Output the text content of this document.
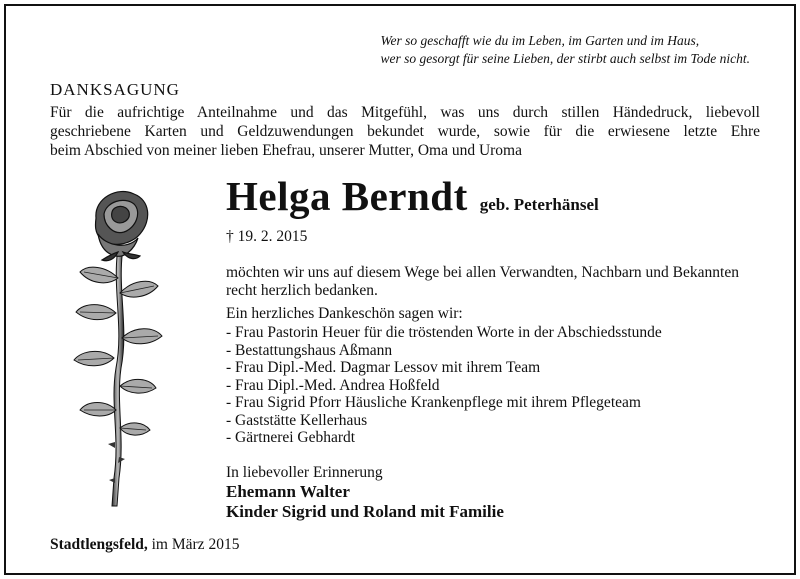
Wer so geschafft wie du im Leben, im Garten und im Haus,
wer so gesorgt für seine Lieben, der stirbt auch selbst im Tode nicht.
DANKSAGUNG
Für die aufrichtige Anteilnahme und das Mitgefühl, was uns durch stillen Händedruck, liebevoll
geschriebene Karten und Geldzuwendungen bekundet wurde, sowie für die erwiesene letzte Ehre
beim Abschied von meiner lieben Ehefrau, unserer Mutter, Oma und Uroma
Helga Berndt geb. Peterhänsel
† 19. 2. 2015
möchten wir uns auf diesem Wege bei allen Verwandten, Nachbarn und Bekannten
recht herzlich bedanken.
Ein herzliches Dankeschön sagen wir:
- Frau Pastorin Heuer für die tröstenden Worte in der Abschiedsstunde
- Bestattungshaus Aßmann
- Frau Dipl.-Med. Dagmar Lessov mit ihrem Team
- Frau Dipl.-Med. Andrea Hoßfeld
- Frau Sigrid Pforr Häusliche Krankenpflege mit ihrem Pflegeteam
- Gaststätte Kellerhaus
- Gärtnerei Gebhardt
In liebevoller Erinnerung
Ehemann Walter
Kinder Sigrid und Roland mit Familie
Stadtlengsfeld, im März 2015
